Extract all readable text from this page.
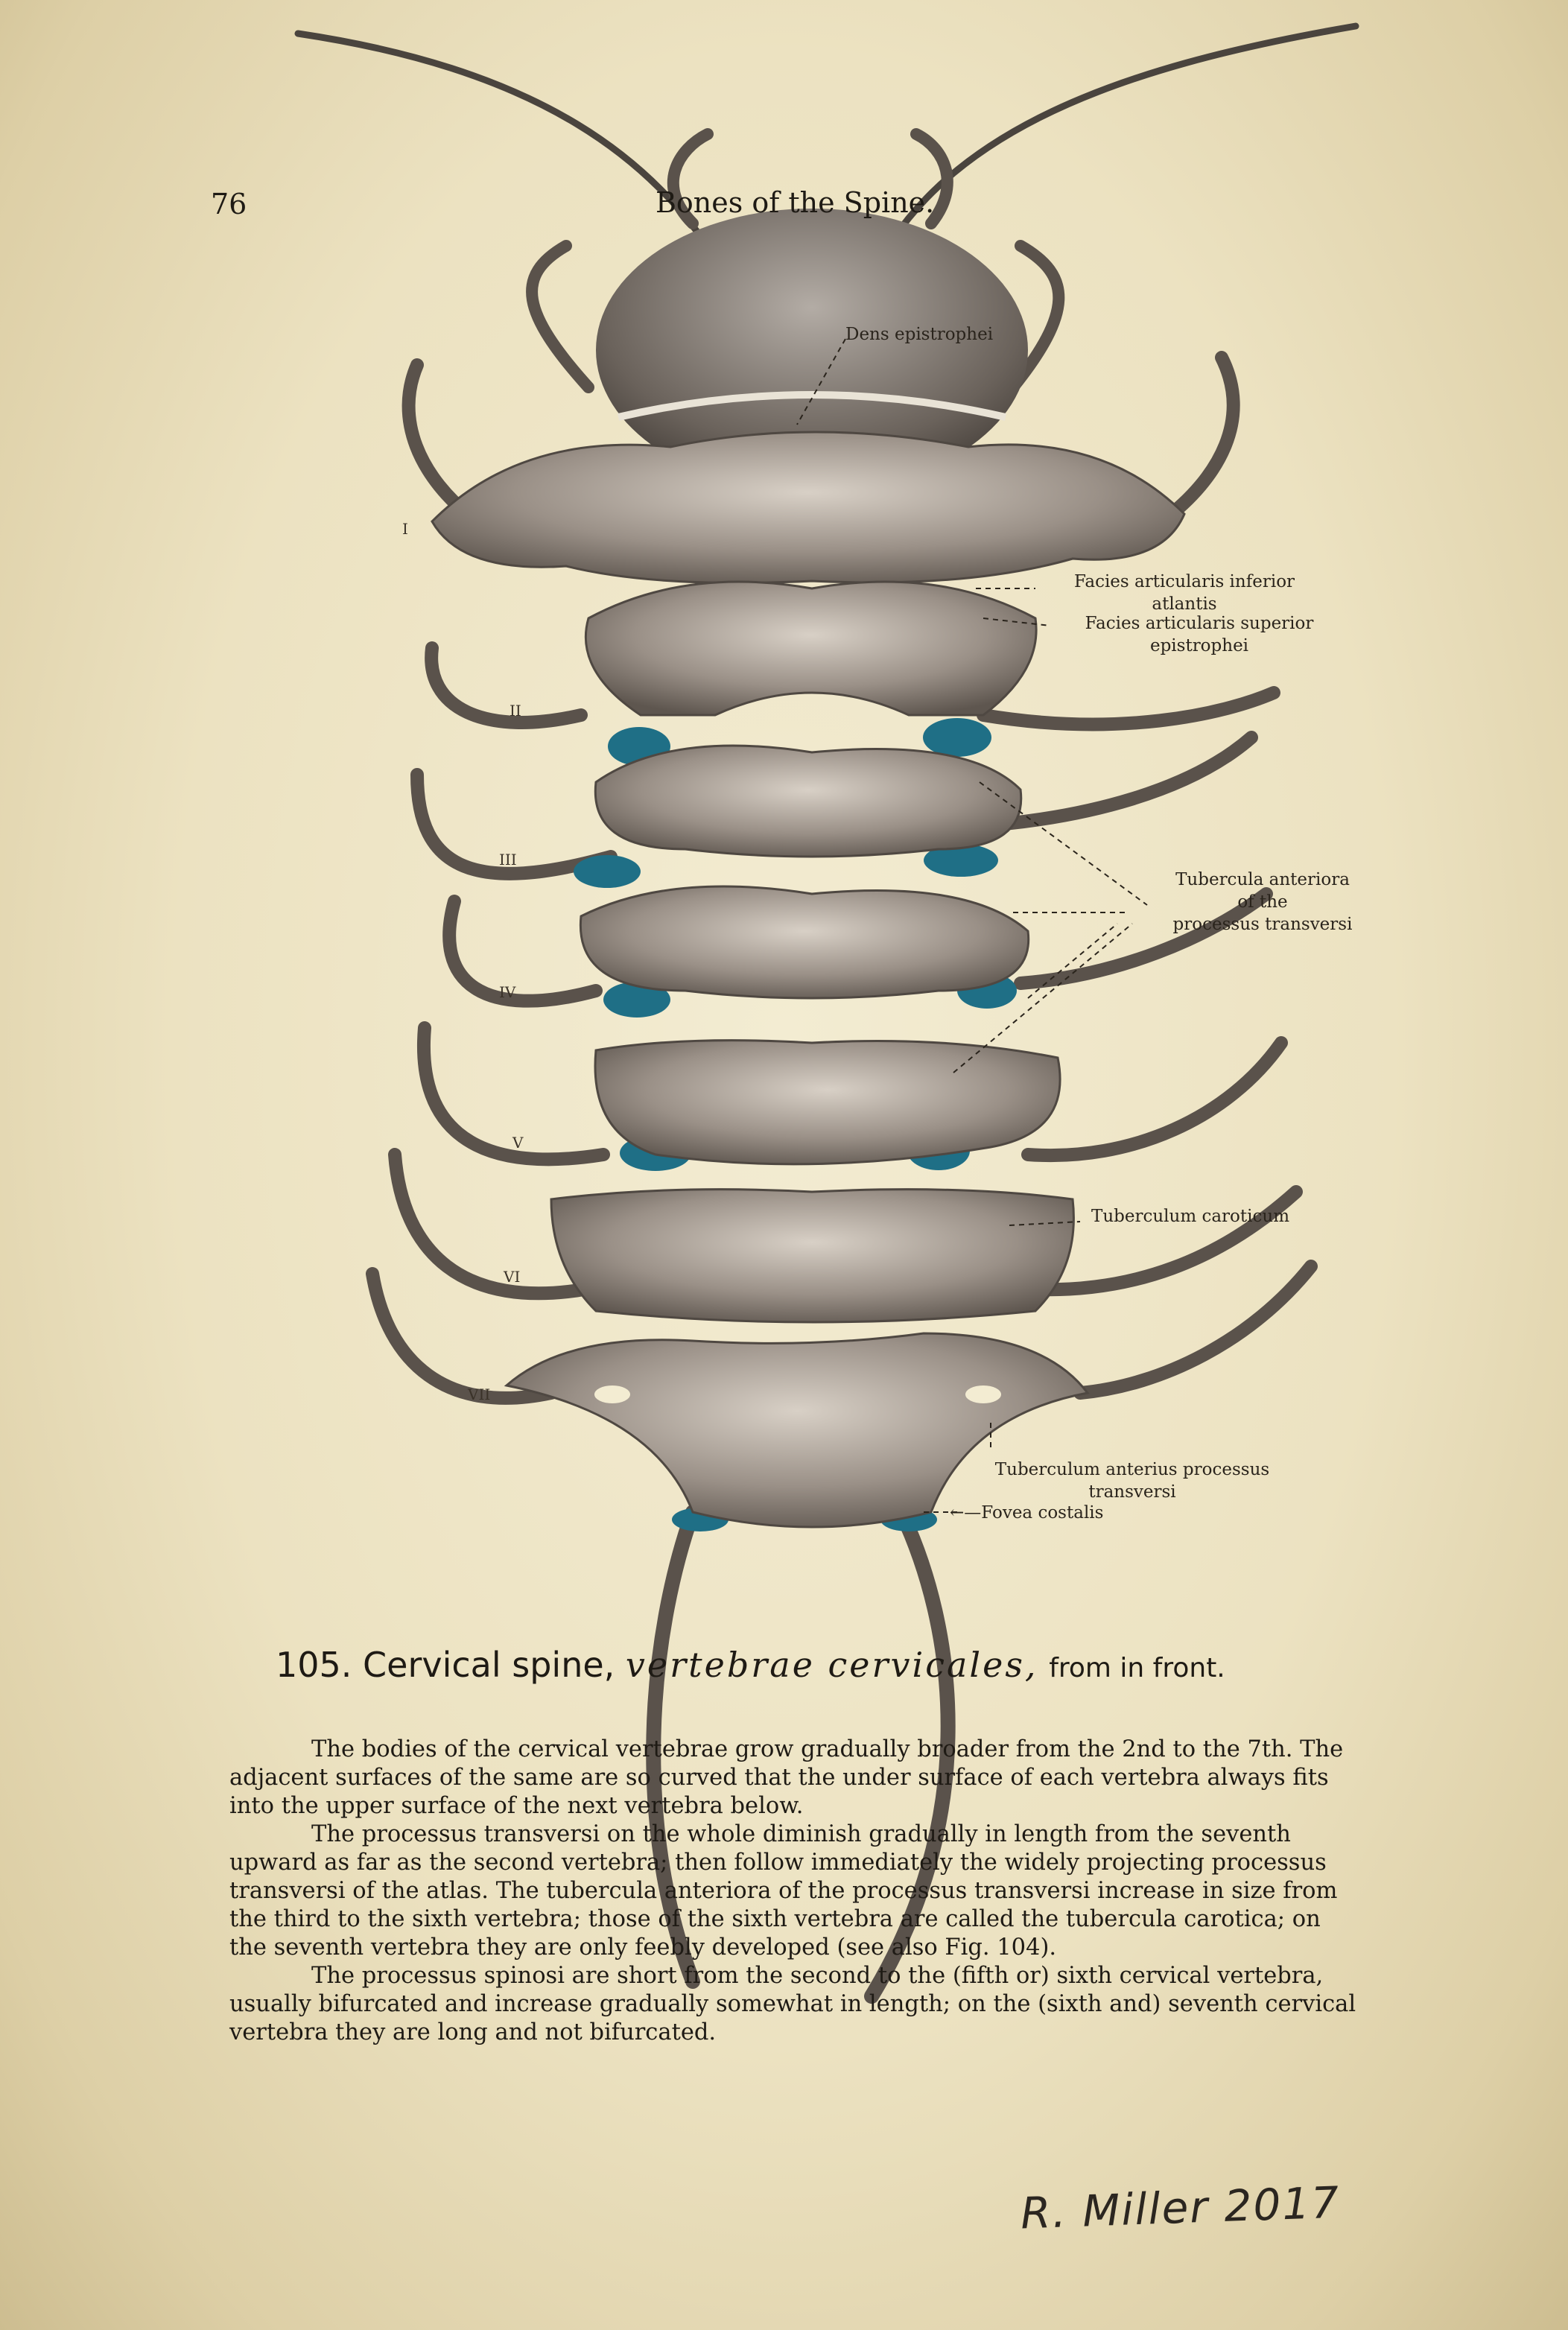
76	Bones of the Spine.
Dens epistrophei
Facies articularis inferior
atlantis
Facies articularis superior
epistrophei
Tubercula anteriora
of the
processus transversi
Tuberculum caroticum
Tuberculum anterius processus
transversi
←—Fovea costalis
I
II
III
IV
V
VI
VII
105. Cervical spine, vertebrae cervicales, from in front.
The bodies of the cervical vertebrae grow gradually broader from the 2nd to the 7th. The
adjacent surfaces of the same are so curved that the under surface of each vertebra always fits
into the upper surface of the next vertebra below.
The processus transversi on the whole diminish gradually in length from the seventh
upward as far as the second vertebra; then follow immediately the widely projecting processus
transversi of the atlas. The tubercula anteriora of the processus transversi increase in size from
the third to the sixth vertebra; those of the sixth vertebra are called the tubercula carotica; on
the seventh vertebra they are only feebly developed (see also Fig. 104).
The processus spinosi are short from the second to the (fifth or) sixth cervical vertebra,
usually bifurcated and increase gradually somewhat in length; on the (sixth and) seventh cervical
vertebra they are long and not bifurcated.
R. Miller 2017
